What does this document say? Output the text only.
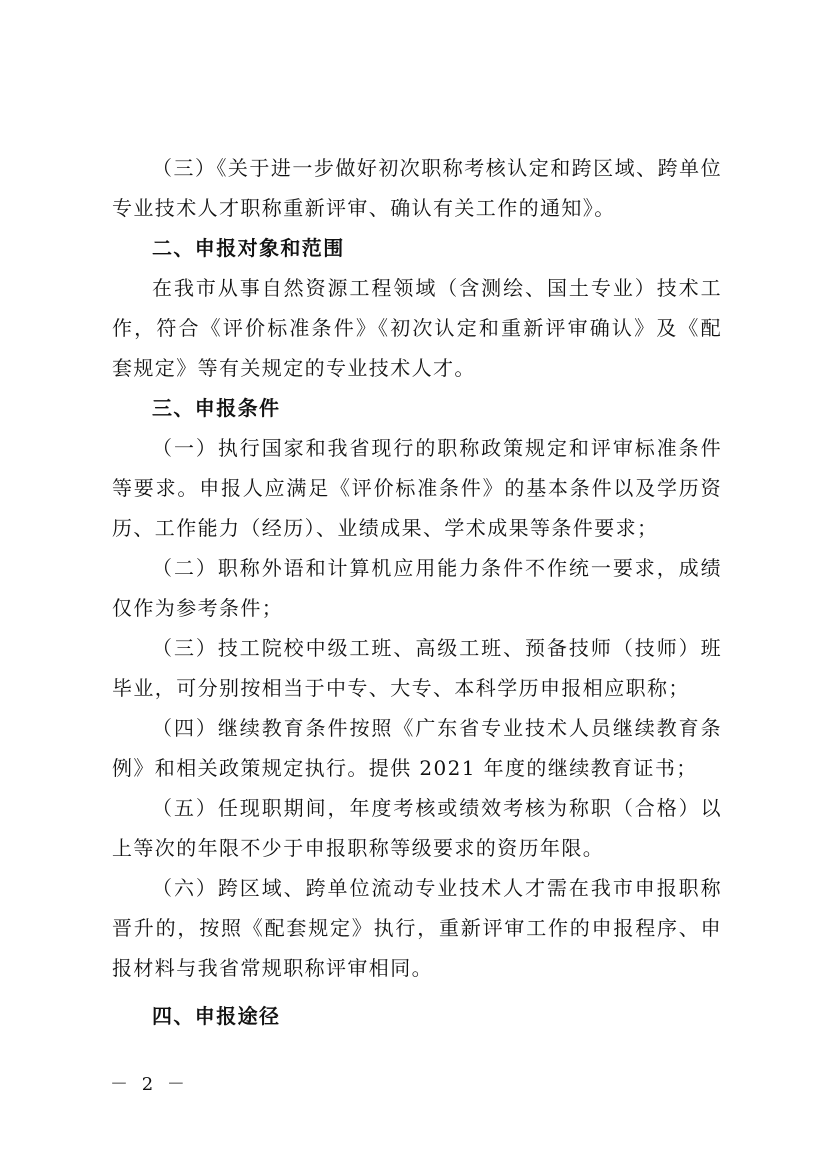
（三）《关于进一步做好初次职称考核认定和跨区域、跨单位专业技术人才职称重新评审、确认有关工作的通知》。

二、申报对象和范围

在我市从事自然资源工程领域（含测绘、国土专业）技术工作，符合《评价标准条件》《初次认定和重新评审确认》及《配套规定》等有关规定的专业技术人才。

三、申报条件

（一）执行国家和我省现行的职称政策规定和评审标准条件等要求。申报人应满足《评价标准条件》的基本条件以及学历资历、工作能力（经历）、业绩成果、学术成果等条件要求；

（二）职称外语和计算机应用能力条件不作统一要求，成绩仅作为参考条件；

（三）技工院校中级工班、高级工班、预备技师（技师）班毕业，可分别按相当于中专、大专、本科学历申报相应职称；

（四）继续教育条件按照《广东省专业技术人员继续教育条例》和相关政策规定执行。提供 2021 年度的继续教育证书；

（五）任现职期间，年度考核或绩效考核为称职（合格）以上等次的年限不少于申报职称等级要求的资历年限。

（六）跨区域、跨单位流动专业技术人才需在我市申报职称晋升的，按照《配套规定》执行，重新评审工作的申报程序、申报材料与我省常规职称评审相同。

四、申报途径

－ 2 －
